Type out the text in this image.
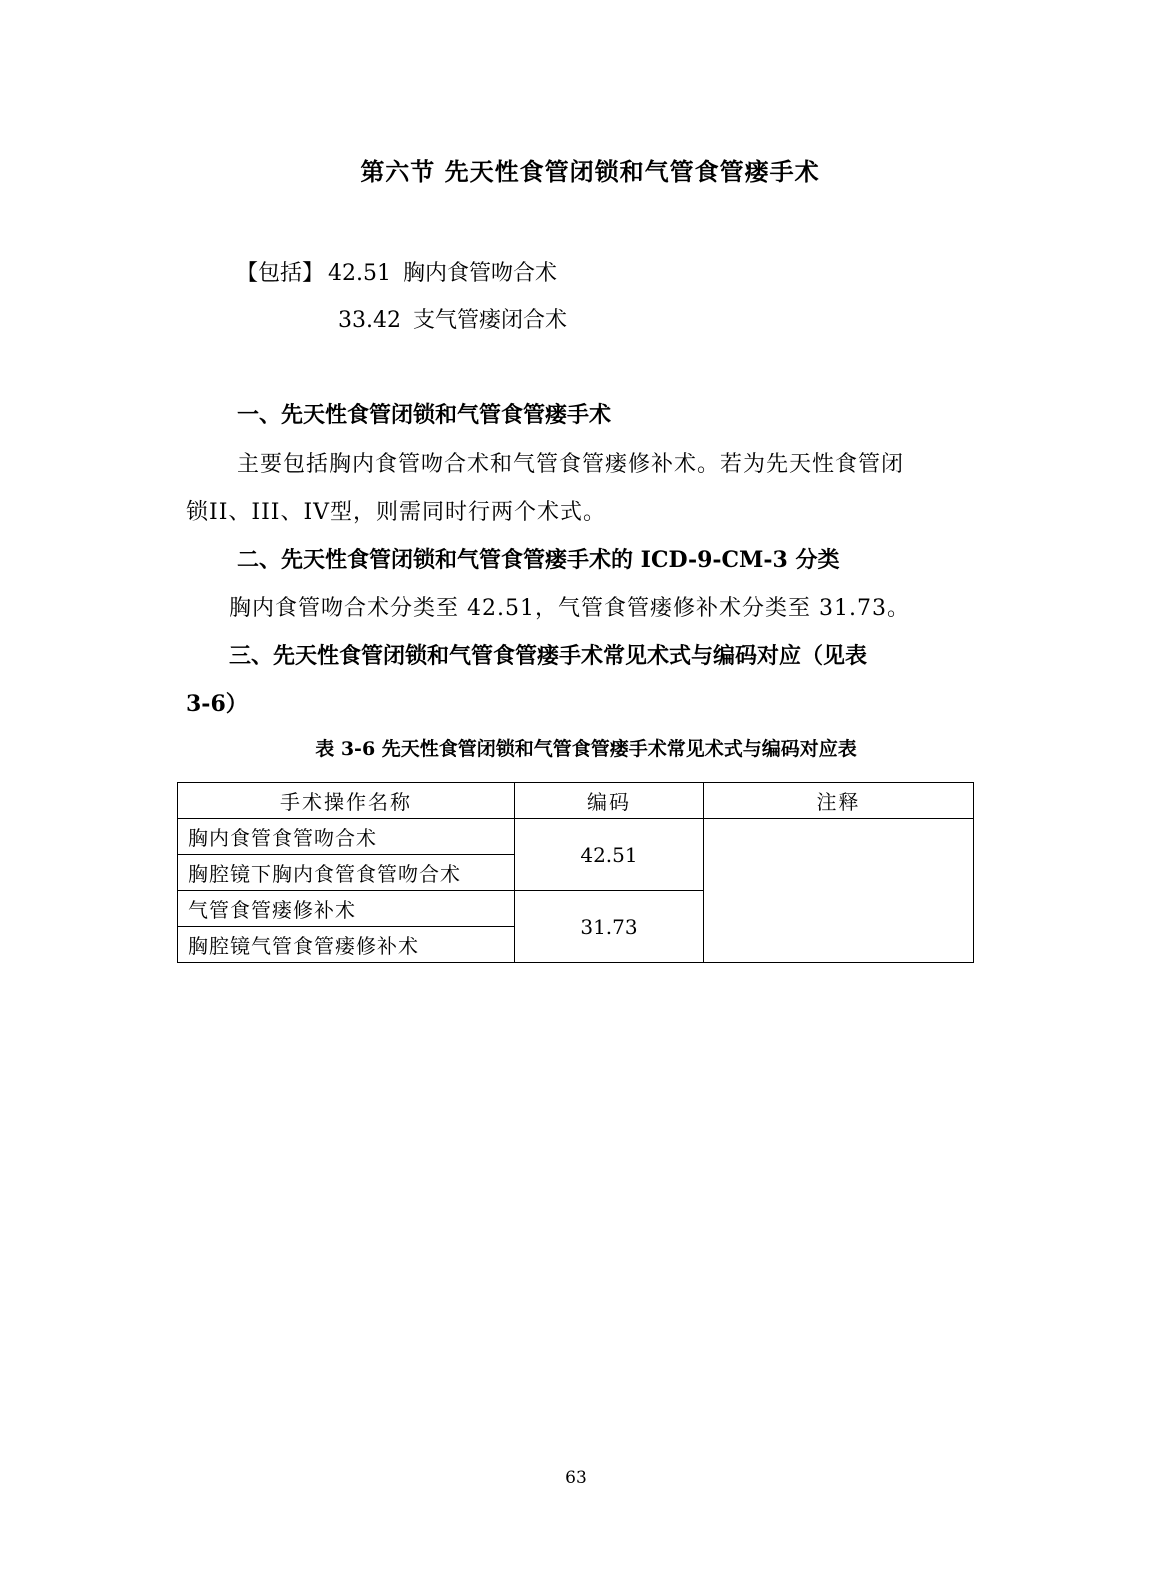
第六节 先天性食管闭锁和气管食管瘘手术
【包括】 42.51 胸内食管吻合术
33.42 支气管瘘闭合术
一、先天性食管闭锁和气管食管瘘手术
主要包括胸内食管吻合术和气管食管瘘修补术。若为先天性食管闭
锁II、III、IV型，则需同时行两个术式。
二、先天性食管闭锁和气管食管瘘手术的 ICD-9-CM-3 分类
胸内食管吻合术分类至 42.51，气管食管瘘修补术分类至 31.73。
三、先天性食管闭锁和气管食管瘘手术常见术式与编码对应（见表
3-6）
表 3-6 先天性食管闭锁和气管食管瘘手术常见术式与编码对应表
手术操作名称	编码	注释
胸内食管食管吻合术	42.51	
胸腔镜下胸内食管食管吻合术		
气管食管瘘修补术	31.73	
胸腔镜气管食管瘘修补术		
63
